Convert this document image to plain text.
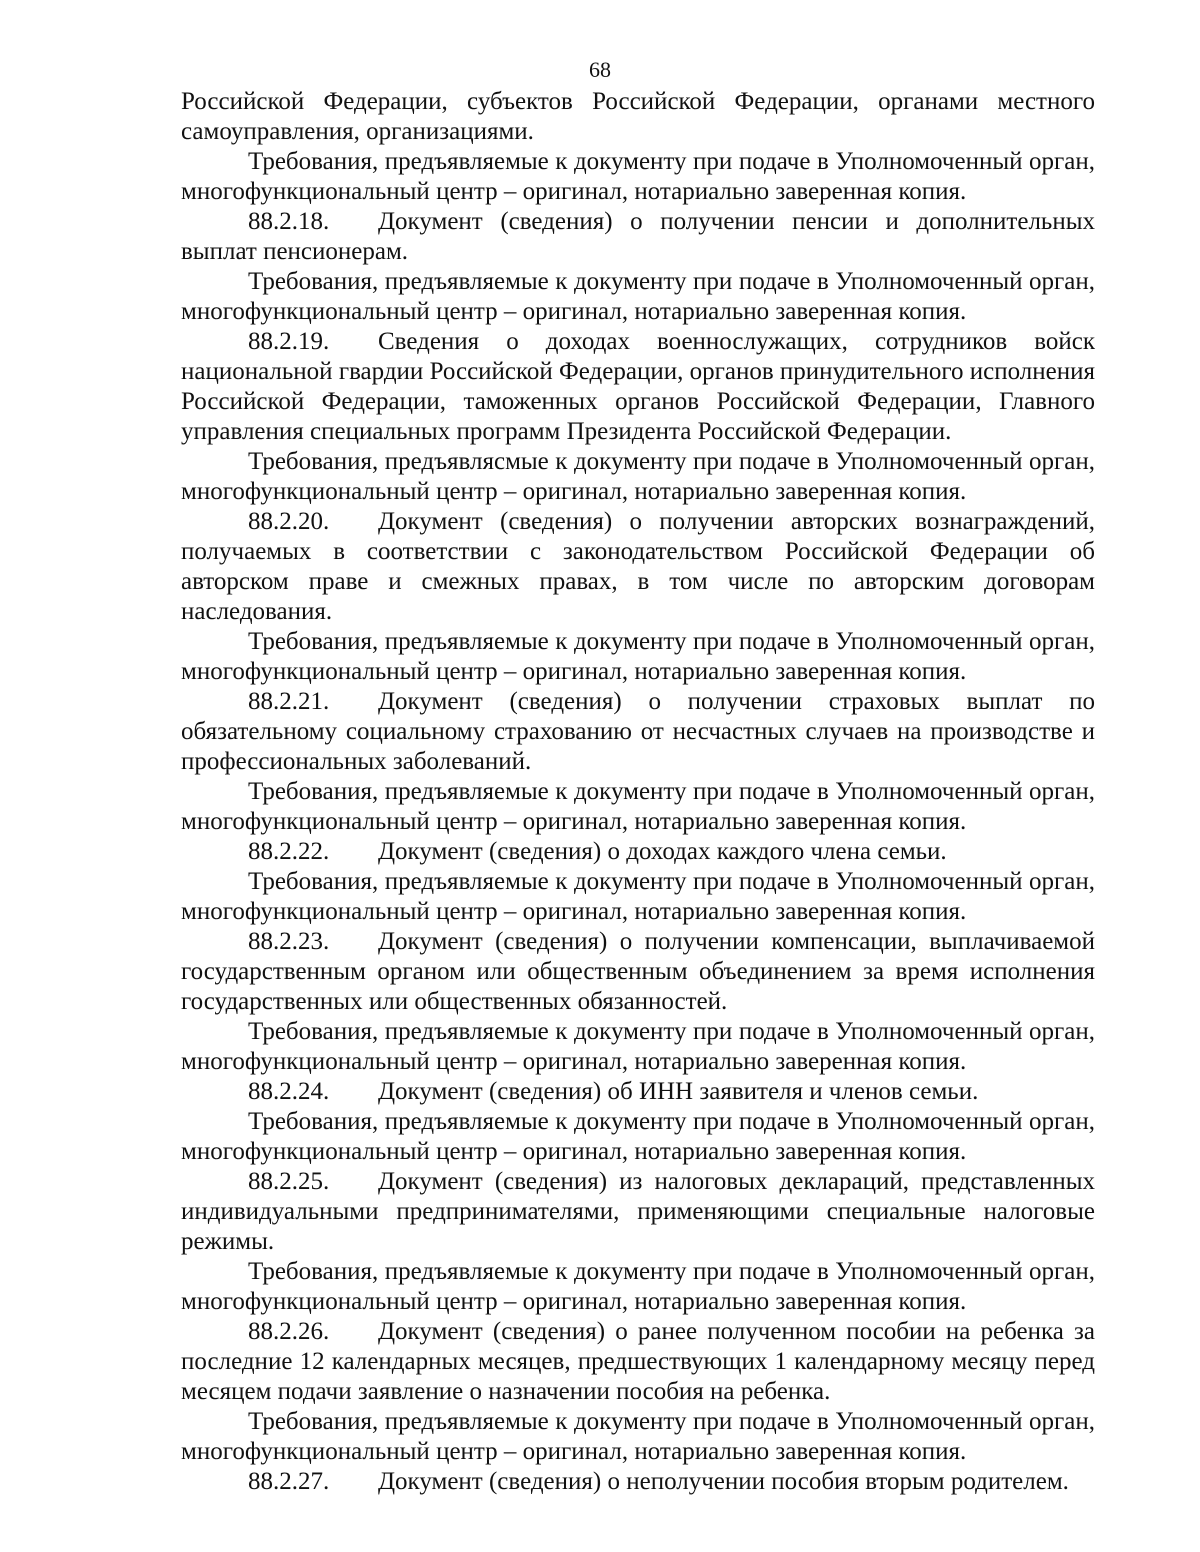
68

Российской Федерации, субъектов Российской Федерации, органами местного самоуправления, организациями.

Требования, предъявляемые к документу при подаче в Уполномоченный орган, многофункциональный центр – оригинал, нотариально заверенная копия.

88.2.18. Документ (сведения) о получении пенсии и дополнительных выплат пенсионерам.

Требования, предъявляемые к документу при подаче в Уполномоченный орган, многофункциональный центр – оригинал, нотариально заверенная копия.

88.2.19. Сведения о доходах военнослужащих, сотрудников войск национальной гвардии Российской Федерации, органов принудительного исполнения Российской Федерации, таможенных органов Российской Федерации, Главного управления специальных программ Президента Российской Федерации.

Требования, предъявлясмые к документу при подаче в Уполномоченный орган, многофункциональный центр – оригинал, нотариально заверенная копия.

88.2.20. Документ (сведения) о получении авторских вознаграждений, получаемых в соответствии с законодательством Российской Федерации об авторском праве и смежных правах, в том числе по авторским договорам наследования.

Требования, предъявляемые к документу при подаче в Уполномоченный орган, многофункциональный центр – оригинал, нотариально заверенная копия.

88.2.21. Документ (сведения) о получении страховых выплат по обязательному социальному страхованию от несчастных случаев на производстве и профессиональных заболеваний.

Требования, предъявляемые к документу при подаче в Уполномоченный орган, многофункциональный центр – оригинал, нотариально заверенная копия.

88.2.22. Документ (сведения) о доходах каждого члена семьи.

Требования, предъявляемые к документу при подаче в Уполномоченный орган, многофункциональный центр – оригинал, нотариально заверенная копия.

88.2.23. Документ (сведения) о получении компенсации, выплачиваемой государственным органом или общественным объединением за время исполнения государственных или общественных обязанностей.

Требования, предъявляемые к документу при подаче в Уполномоченный орган, многофункциональный центр – оригинал, нотариально заверенная копия.

88.2.24. Документ (сведения) об ИНН заявителя и членов семьи.

Требования, предъявляемые к документу при подаче в Уполномоченный орган, многофункциональный центр – оригинал, нотариально заверенная копия.

88.2.25. Документ (сведения) из налоговых деклараций, представленных индивидуальными предпринимателями, применяющими специальные налоговые режимы.

Требования, предъявляемые к документу при подаче в Уполномоченный орган, многофункциональный центр – оригинал, нотариально заверенная копия.

88.2.26. Документ (сведения) о ранее полученном пособии на ребенка за последние 12 календарных месяцев, предшествующих 1 календарному месяцу перед месяцем подачи заявление о назначении пособия на ребенка.

Требования, предъявляемые к документу при подаче в Уполномоченный орган, многофункциональный центр – оригинал, нотариально заверенная копия.

88.2.27. Документ (сведения) о неполучении пособия вторым родителем.
